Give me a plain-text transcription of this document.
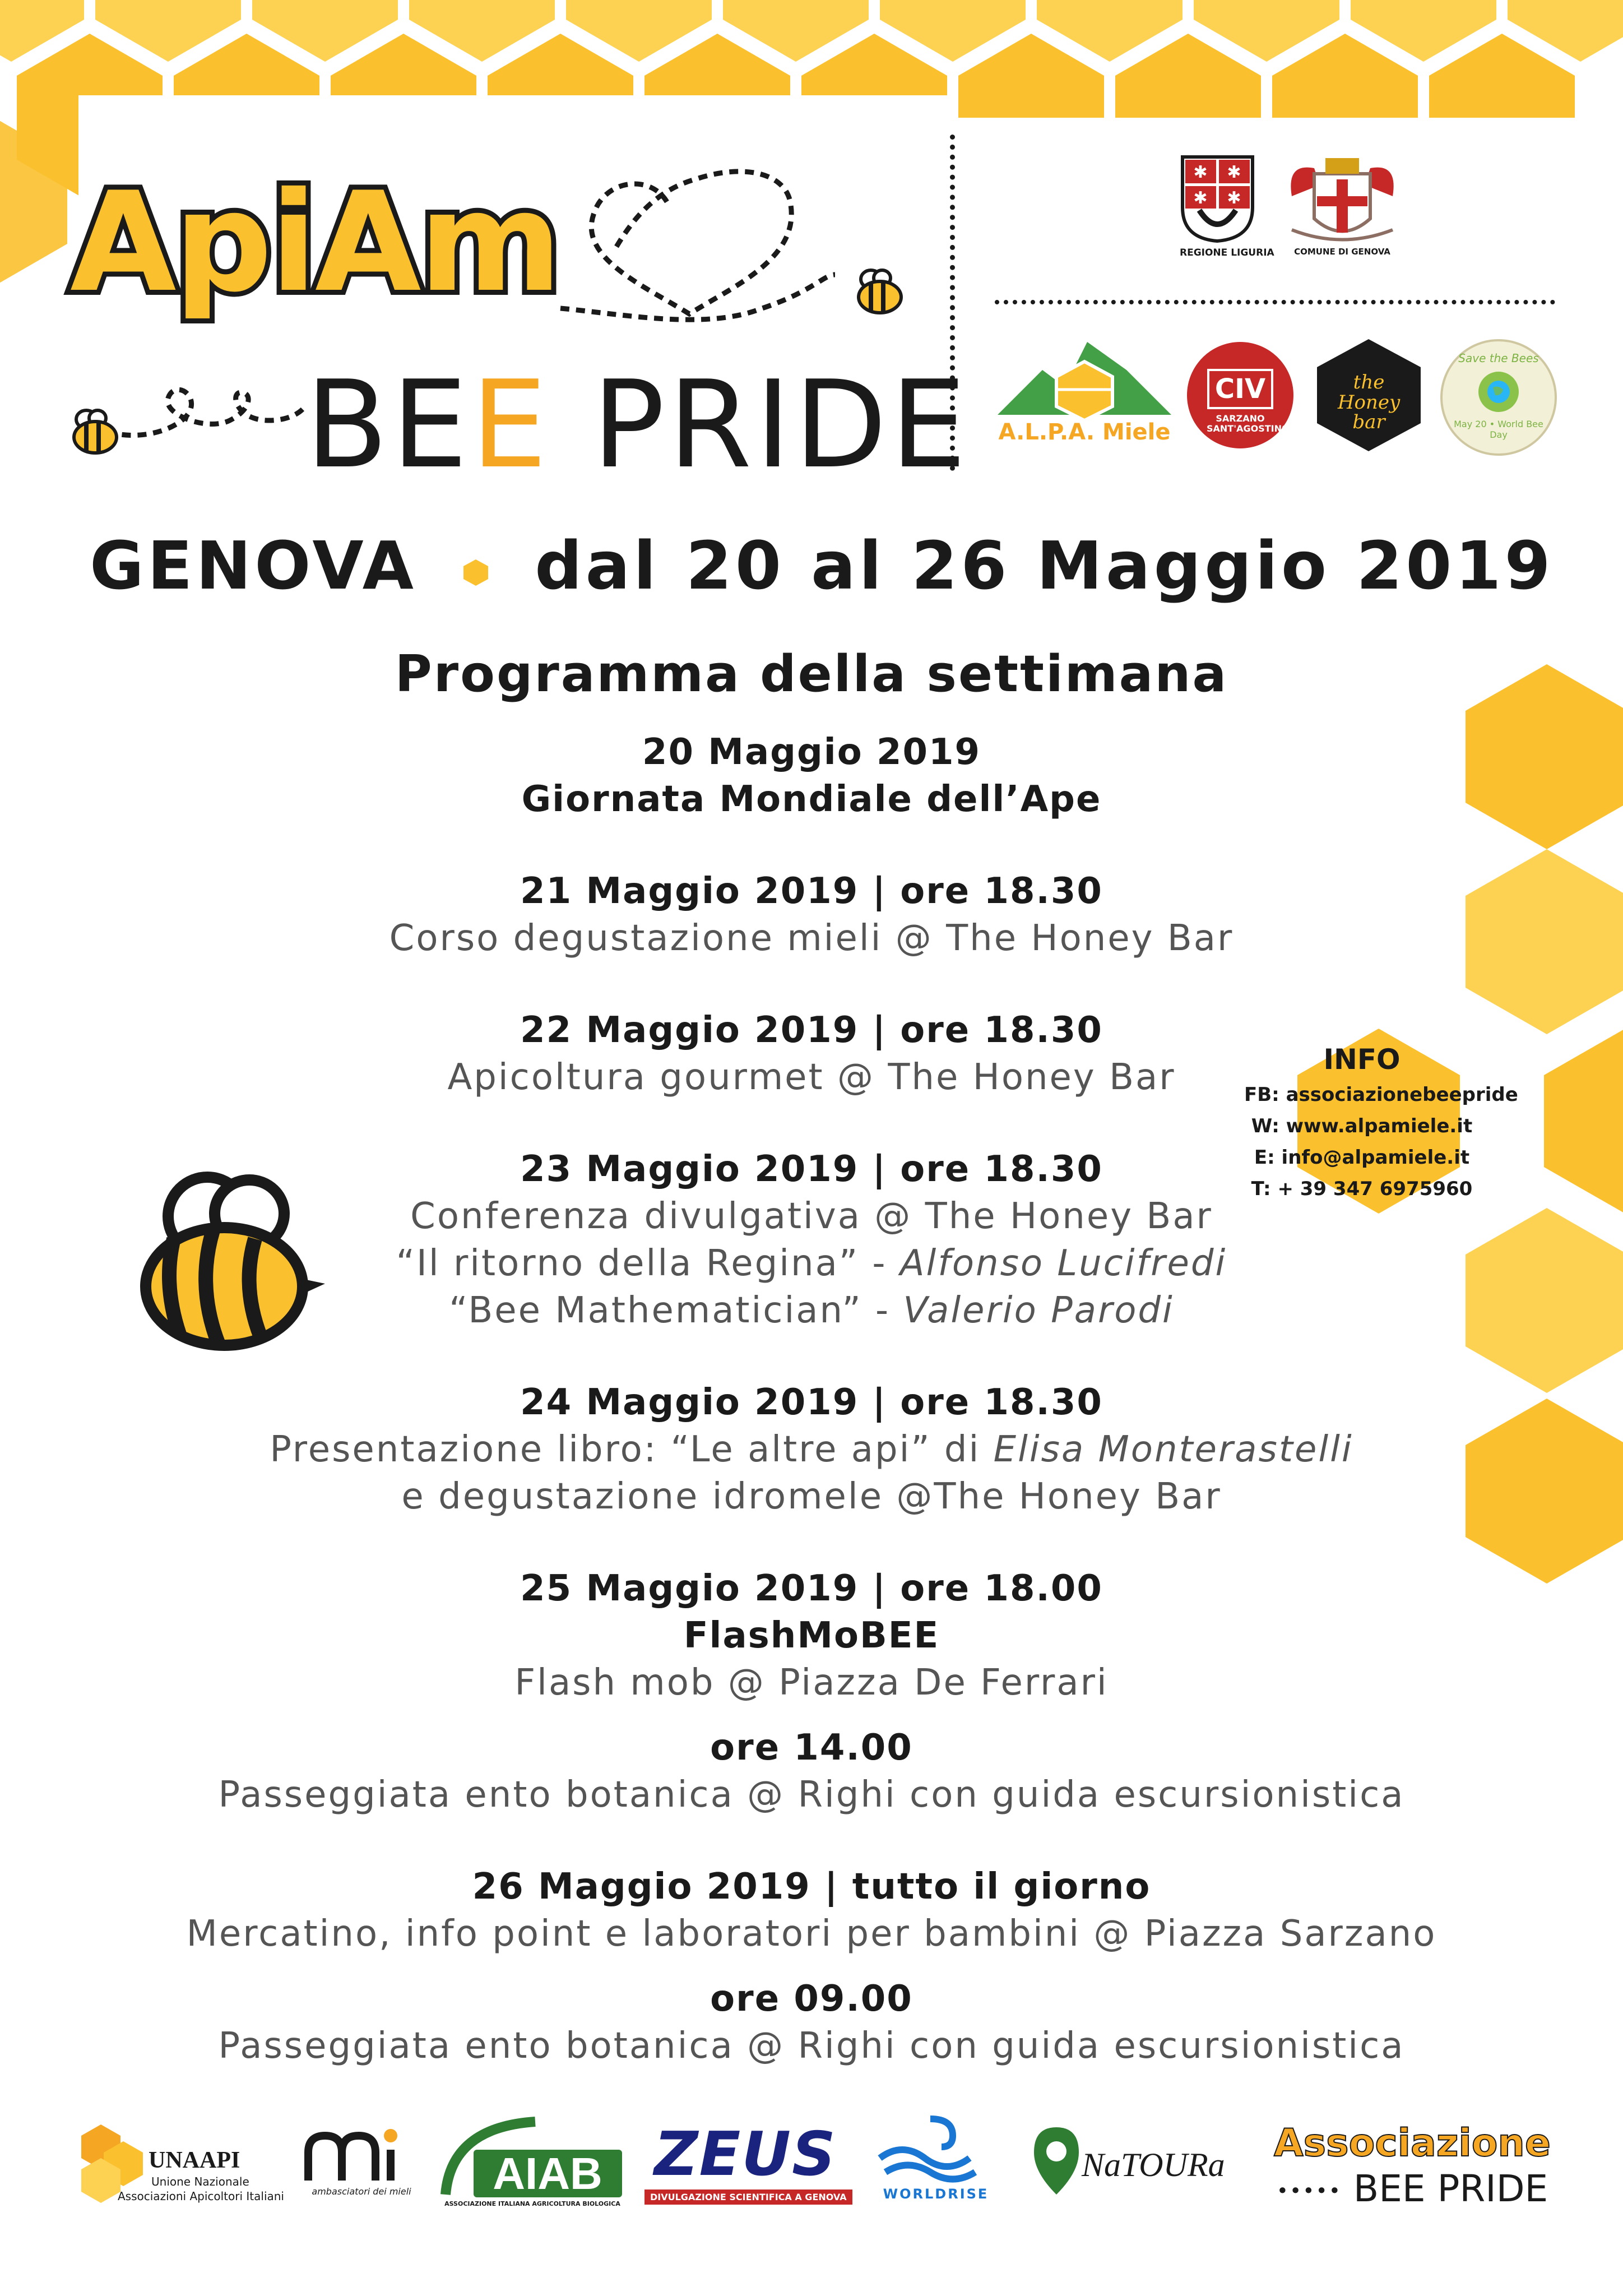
ApiAm
BEE PRIDE
✱ ✱
✱ ✱
REGIONE LIGURIA	COMUNE DI GENOVA
A.L.P.A. Miele
CIV
SARZANO SANT'AGOSTINO
the Honey bar
Save the Bees
May 20 • World Bee Day
GENOVA dal 20 al 26 Maggio 2019
Programma della settimana
20 Maggio 2019
Giornata Mondiale dell’Ape
21 Maggio 2019 | ore 18.30
Corso degustazione mieli @ The Honey Bar
22 Maggio 2019 | ore 18.30
Apicoltura gourmet @ The Honey Bar
23 Maggio 2019 | ore 18.30
Conferenza divulgativa @ The Honey Bar
“Il ritorno della Regina” - Alfonso Lucifredi
“Bee Mathematician” - Valerio Parodi
24 Maggio 2019 | ore 18.30
Presentazione libro: “Le altre api” di Elisa Monterastelli
e degustazione idromele @The Honey Bar
25 Maggio 2019 | ore 18.00
FlashMoBEE
Flash mob @ Piazza De Ferrari
ore 14.00
Passeggiata ento botanica @ Righi con guida escursionistica
26 Maggio 2019 | tutto il giorno
Mercatino, info point e laboratori per bambini @ Piazza Sarzano
ore 09.00
Passeggiata ento botanica @ Righi con guida escursionistica
INFO
FB: associazionebeepride
W: www.alpamiele.it
E: info@alpamiele.it
T: + 39 347 6975960
UNAAPI
Unione Nazionale
Associazioni Apicoltori Italiani	ambasciatori dei mieli AIAB
ASSOCIAZIONE ITALIANA AGRICOLTURA BIOLOGICA
ZEUS
DIVULGAZIONE SCIENTIFICA A GENOVA	WORLDRISE
NaTOURa	Associazione
••••• BEE PRIDE
